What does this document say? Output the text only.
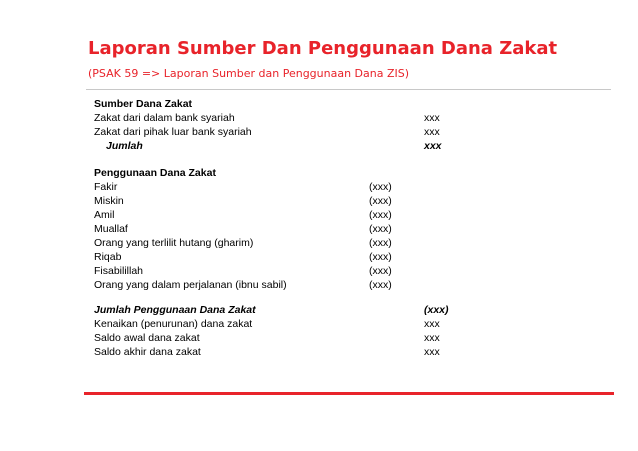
Laporan Sumber Dan Penggunaan Dana Zakat
(PSAK 59 => Laporan Sumber dan Penggunaan Dana ZIS)
Sumber Dana Zakat
Zakat dari dalam bank syariah	xxx
Zakat dari pihak luar bank syariah	xxx
Jumlah	xxx
Penggunaan Dana Zakat
Fakir	(xxx)
Miskin	(xxx)
Amil	(xxx)
Muallaf	(xxx)
Orang yang terlilit hutang (gharim)	(xxx)
Riqab	(xxx)
Fisabilillah	(xxx)
Orang yang dalam perjalanan (ibnu sabil)	(xxx)
Jumlah Penggunaan Dana Zakat	(xxx)
Kenaikan (penurunan) dana zakat	xxx
Saldo awal dana zakat	xxx
Saldo akhir dana zakat	xxx
